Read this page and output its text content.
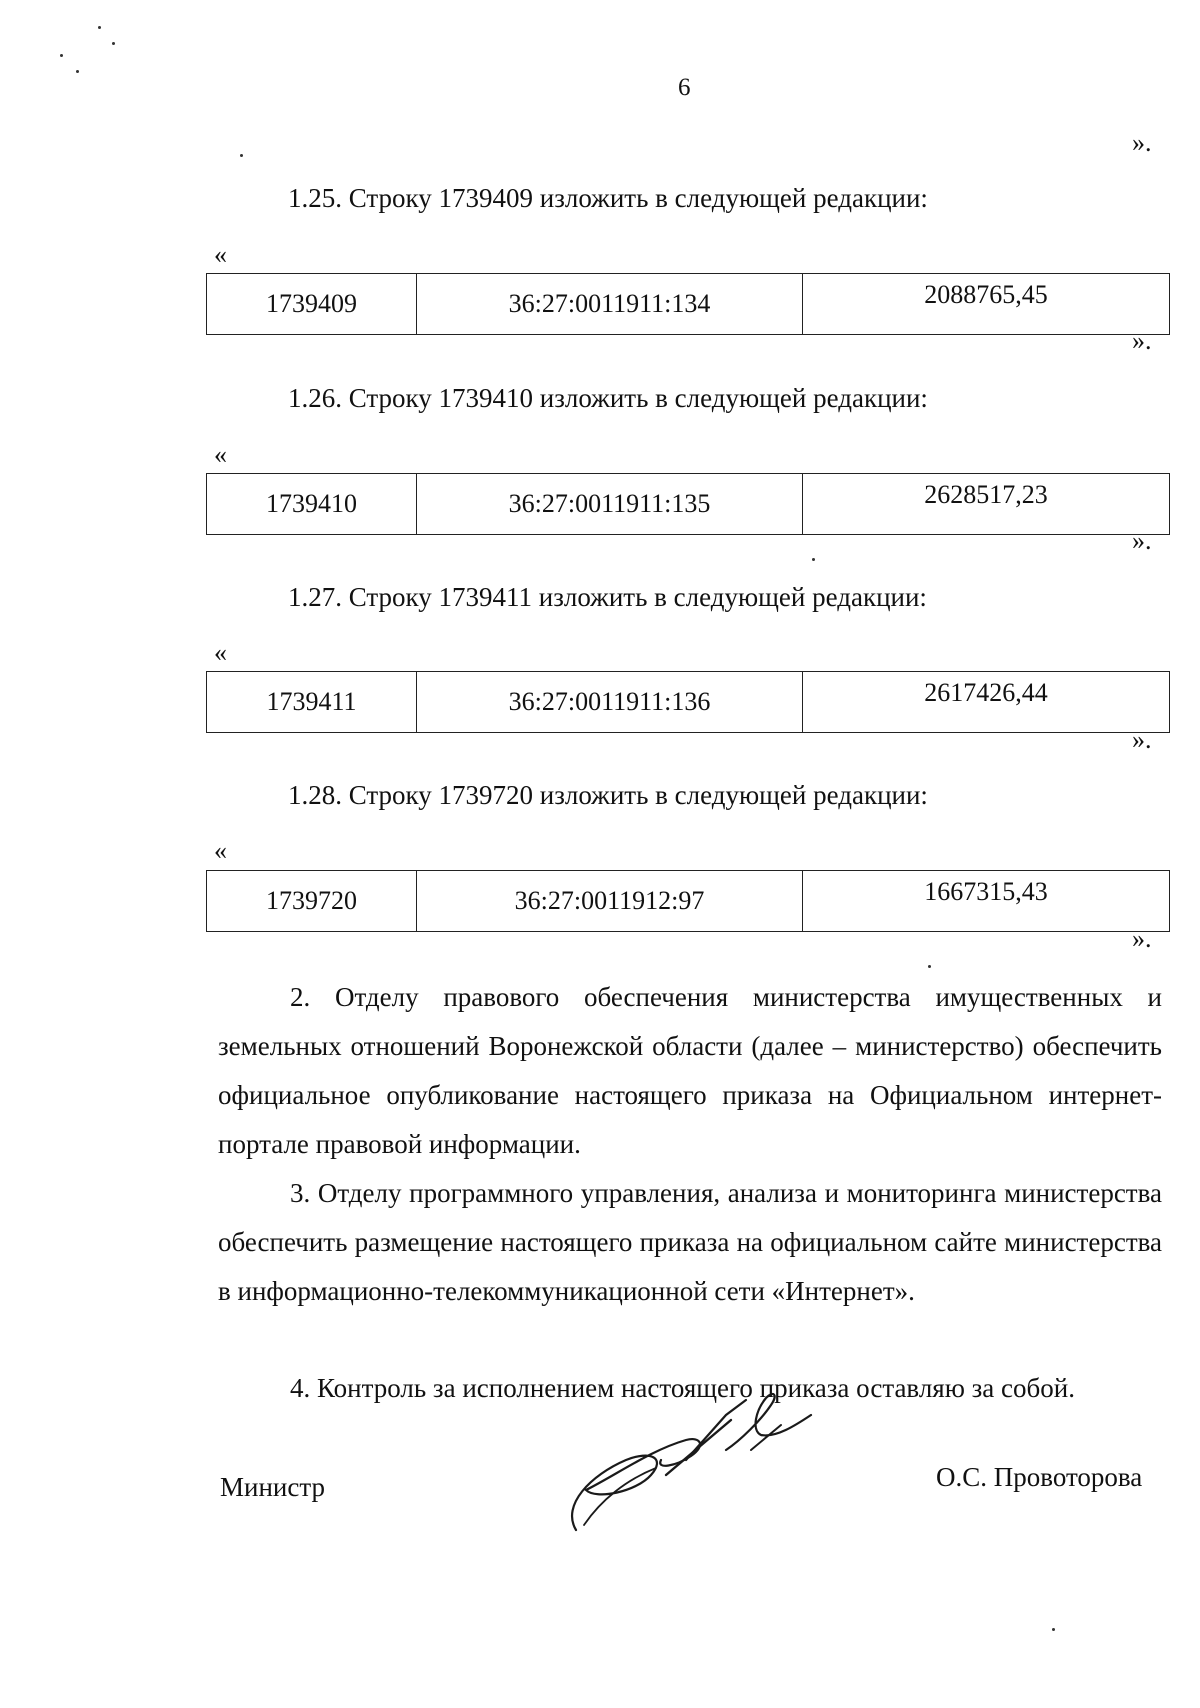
6
».
1.25. Строку 1739409 изложить в следующей редакции:
«
1739409	36:27:0011911:134	2088765,45
».
1.26. Строку 1739410 изложить в следующей редакции:
«
1739410	36:27:0011911:135	2628517,23
».
1.27. Строку 1739411 изложить в следующей редакции:
«
1739411	36:27:0011911:136	2617426,44
».
1.28. Строку 1739720 изложить в следующей редакции:
«
1739720	36:27:0011912:97	1667315,43
».
2. Отделу правового обеспечения министерства имущественных и земельных отношений Воронежской области (далее – министерство) обеспечить официальное опубликование настоящего приказа на Официальном интернет-портале правовой информации.
3. Отделу программного управления, анализа и мониторинга министерства обеспечить размещение настоящего приказа на официальном сайте министерства в информационно-телекоммуникационной сети «Интернет».
4. Контроль за исполнением настоящего приказа оставляю за собой.
Министр	О.С. Провоторова
